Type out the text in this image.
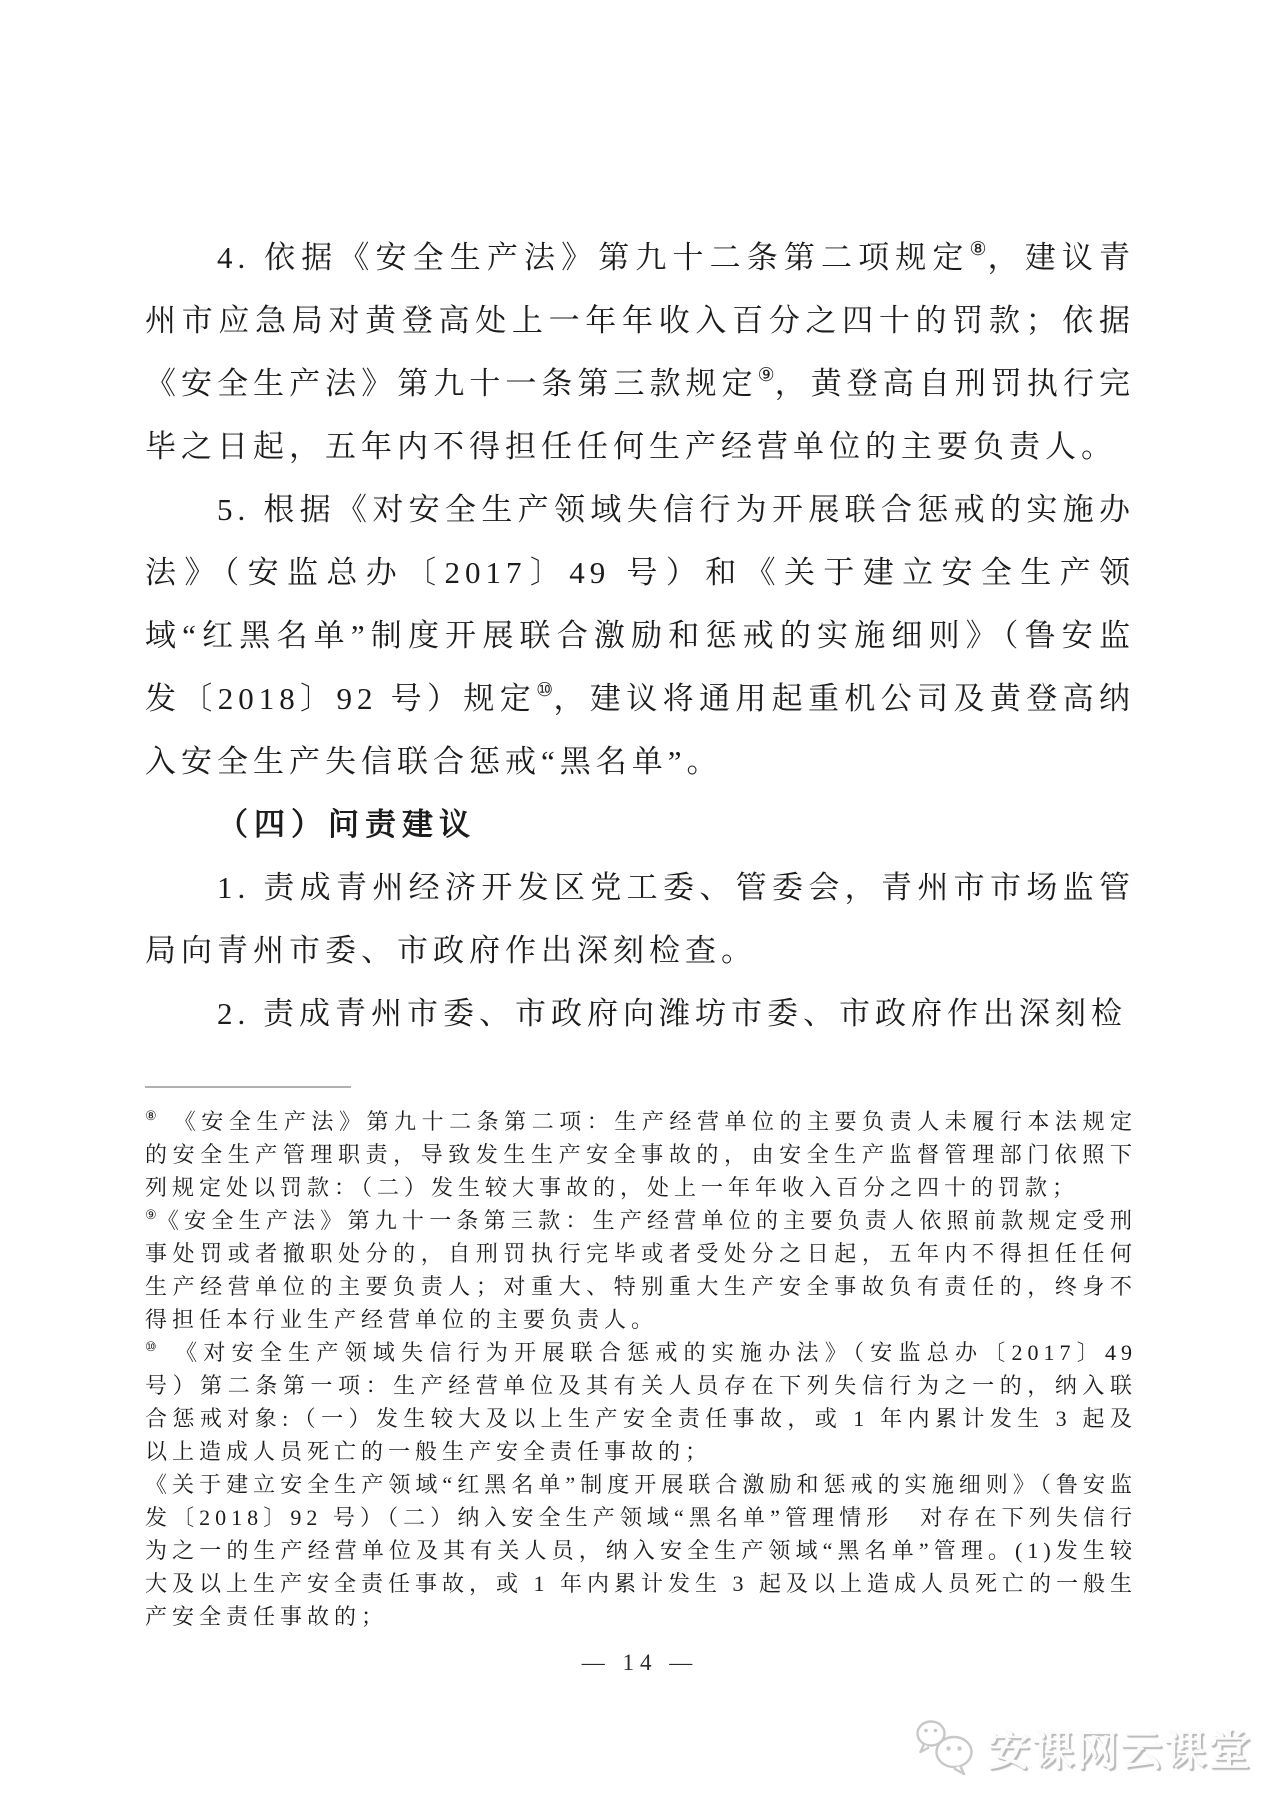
4. 依据《安全生产法》第九十二条第二项规定⑧，建议青州市应急局对黄登高处上一年年收入百分之四十的罚款；依据《安全生产法》第九十一条第三款规定⑨，黄登高自刑罚执行完毕之日起，五年内不得担任任何生产经营单位的主要负责人。

5. 根据《对安全生产领域失信行为开展联合惩戒的实施办法》（安监总办〔2017〕49 号）和《关于建立安全生产领域“红黑名单”制度开展联合激励和惩戒的实施细则》（鲁安监发〔2018〕92 号）规定⑩，建议将通用起重机公司及黄登高纳入安全生产失信联合惩戒“黑名单”。

（四）问责建议

1. 责成青州经济开发区党工委、管委会，青州市市场监管局向青州市委、市政府作出深刻检查。

2. 责成青州市委、市政府向潍坊市委、市政府作出深刻检

⑧　《安全生产法》第九十二条第二项：生产经营单位的主要负责人未履行本法规定的安全生产管理职责，导致发生生产安全事故的，由安全生产监督管理部门依照下列规定处以罚款：（二）发生较大事故的，处上一年年收入百分之四十的罚款；

⑨《安全生产法》第九十一条第三款：生产经营单位的主要负责人依照前款规定受刑事处罚或者撤职处分的，自刑罚执行完毕或者受处分之日起，五年内不得担任任何生产经营单位的主要负责人；对重大、特别重大生产安全事故负有责任的，终身不得担任本行业生产经营单位的主要负责人。

⑩　《对安全生产领域失信行为开展联合惩戒的实施办法》（安监总办〔2017〕49 号）第二条第一项：生产经营单位及其有关人员存在下列失信行为之一的，纳入联合惩戒对象:（一）发生较大及以上生产安全责任事故，或 1 年内累计发生 3 起及以上造成人员死亡的一般生产安全责任事故的；

《关于建立安全生产领域“红黑名单”制度开展联合激励和惩戒的实施细则》（鲁安监发〔2018〕92 号）（二）纳入安全生产领域“黑名单”管理情形　对存在下列失信行为之一的生产经营单位及其有关人员，纳入安全生产领域“黑名单”管理。(1)发生较大及以上生产安全责任事故，或 1 年内累计发生 3 起及以上造成人员死亡的一般生产安全责任事故的；

— 14 —
安课网云课堂
